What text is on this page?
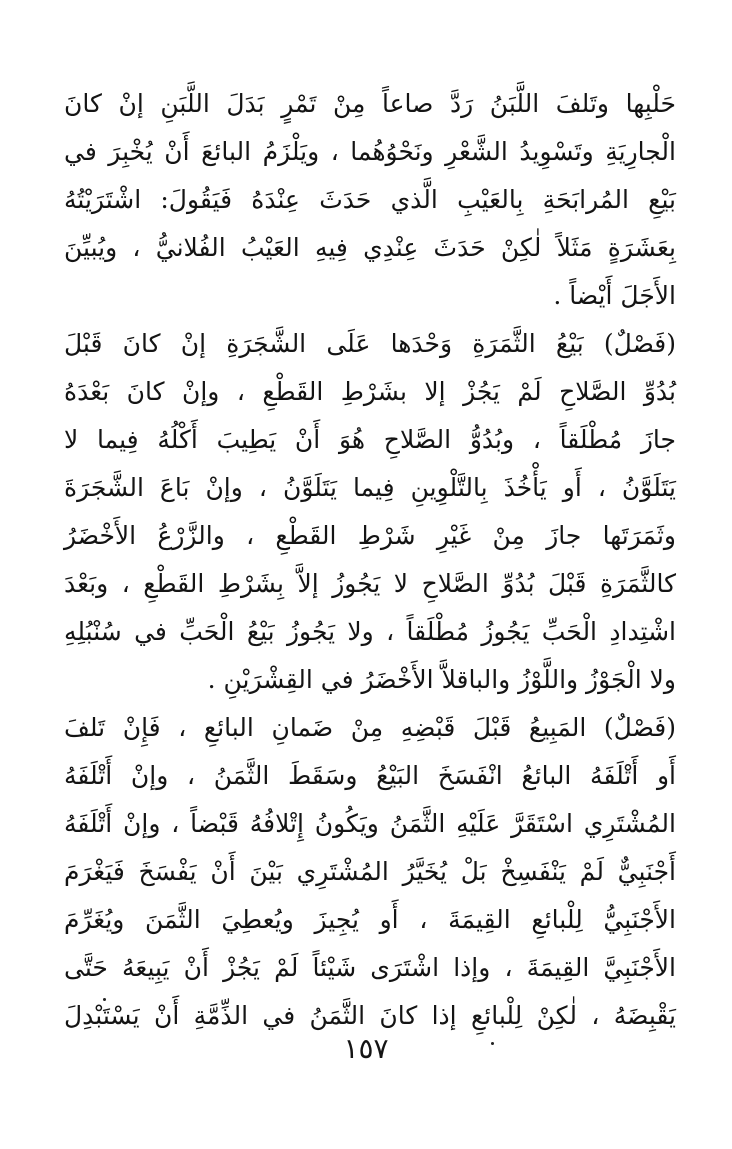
حَلْبِها وتَلفَ اللَّبَنُ رَدَّ صاعاً مِنْ تَمْرٍ بَدَلَ اللَّبَنِ إنْ كانَ
الْجارِيَةِ وتَسْوِيدُ الشَّعْرِ ونَحْوُهُما ، ويَلْزَمُ البائعَ أَنْ يُخْبِرَ في
بَيْعِ المُرابَحَةِ بِالعَيْبِ الَّذي حَدَثَ عِنْدَهُ فَيَقُولَ: اشْتَرَيْتُهُ
بِعَشَرَةٍ مَثَلاً لٰكِنْ حَدَثَ عِنْدِي فِيهِ العَيْبُ الفُلانيُّ ، ويُبيِّنَ
الأَجَلَ أَيْضاً .
(فَصْلٌ) بَيْعُ الثَّمَرَةِ وَحْدَها عَلَى الشَّجَرَةِ إنْ كانَ قَبْلَ
بُدُوِّ الصَّلاحِ لَمْ يَجُزْ إلا بشَرْطِ القَطْعِ ، وإنْ كانَ بَعْدَهُ
جازَ مُطْلَقاً ، وبُدُوُّ الصَّلاحِ هُوَ أَنْ يَطِيبَ أَكْلُهُ فِيما لا
يَتَلَوَّنُ ، أَو يَأْخُذَ بِالتَّلْوِينِ فِيما يَتَلَوَّنُ ، وإنْ بَاعَ الشَّجَرَةَ
وثَمَرَتَها جازَ مِنْ غَيْرِ شَرْطِ القَطْعِ ، والزَّرْعُ الأَخْضَرُ
كالثَّمَرَةِ قَبْلَ بُدُوِّ الصَّلاحِ لا يَجُوزُ إلاَّ بِشَرْطِ القَطْعِ ، وبَعْدَ
اشْتِدادِ الْحَبِّ يَجُوزُ مُطْلَقاً ، ولا يَجُوزُ بَيْعُ الْحَبِّ في سُنْبُلِهِ
ولا الْجَوْزُ واللَّوْزُ والباقلاَّ الأَخْضَرُ في القِشْرَيْنِ .
(فَصْلٌ) المَبِيعُ قَبْلَ قَبْضِهِ مِنْ ضَمانِ البائعِ ، فَإِنْ تَلفَ
أَو أَتْلَفَهُ البائعُ انْفَسَخَ البَيْعُ وسَقَطَ الثَّمَنُ ، وإنْ أَتْلَفَهُ
المُشْتَرِي اسْتَقَرَّ عَلَيْهِ الثَّمَنُ ويَكُونُ إِتْلافُهُ قَبْضاً ، وإنْ أَتْلَفَهُ
أَجْنَبِيٌّ لَمْ يَنْفَسِخْ بَلْ يُخَيَّرُ المُشْتَرِي بَيْنَ أَنْ يَفْسَخَ فَيَغْرَمَ
الأَجْنَبِيُّ لِلْبائعِ القِيمَةَ ، أَو يُجِيزَ ويُعطِيَ الثَّمَنَ ويُغَرِّمَ
الأَجْنَبِيَّ القِيمَةَ ، وإذا اشْتَرَى شَيْئاً لَمْ يَجُزْ أَنْ يَبِيعَهُ حَتَّى
يَقْبِضَهُ ، لٰكِنْ لِلْبائعِ إذا كانَ الثَّمَنُ في الذِّمَّةِ أَنْ يَسْتَبْدِلَ
١٥٧
